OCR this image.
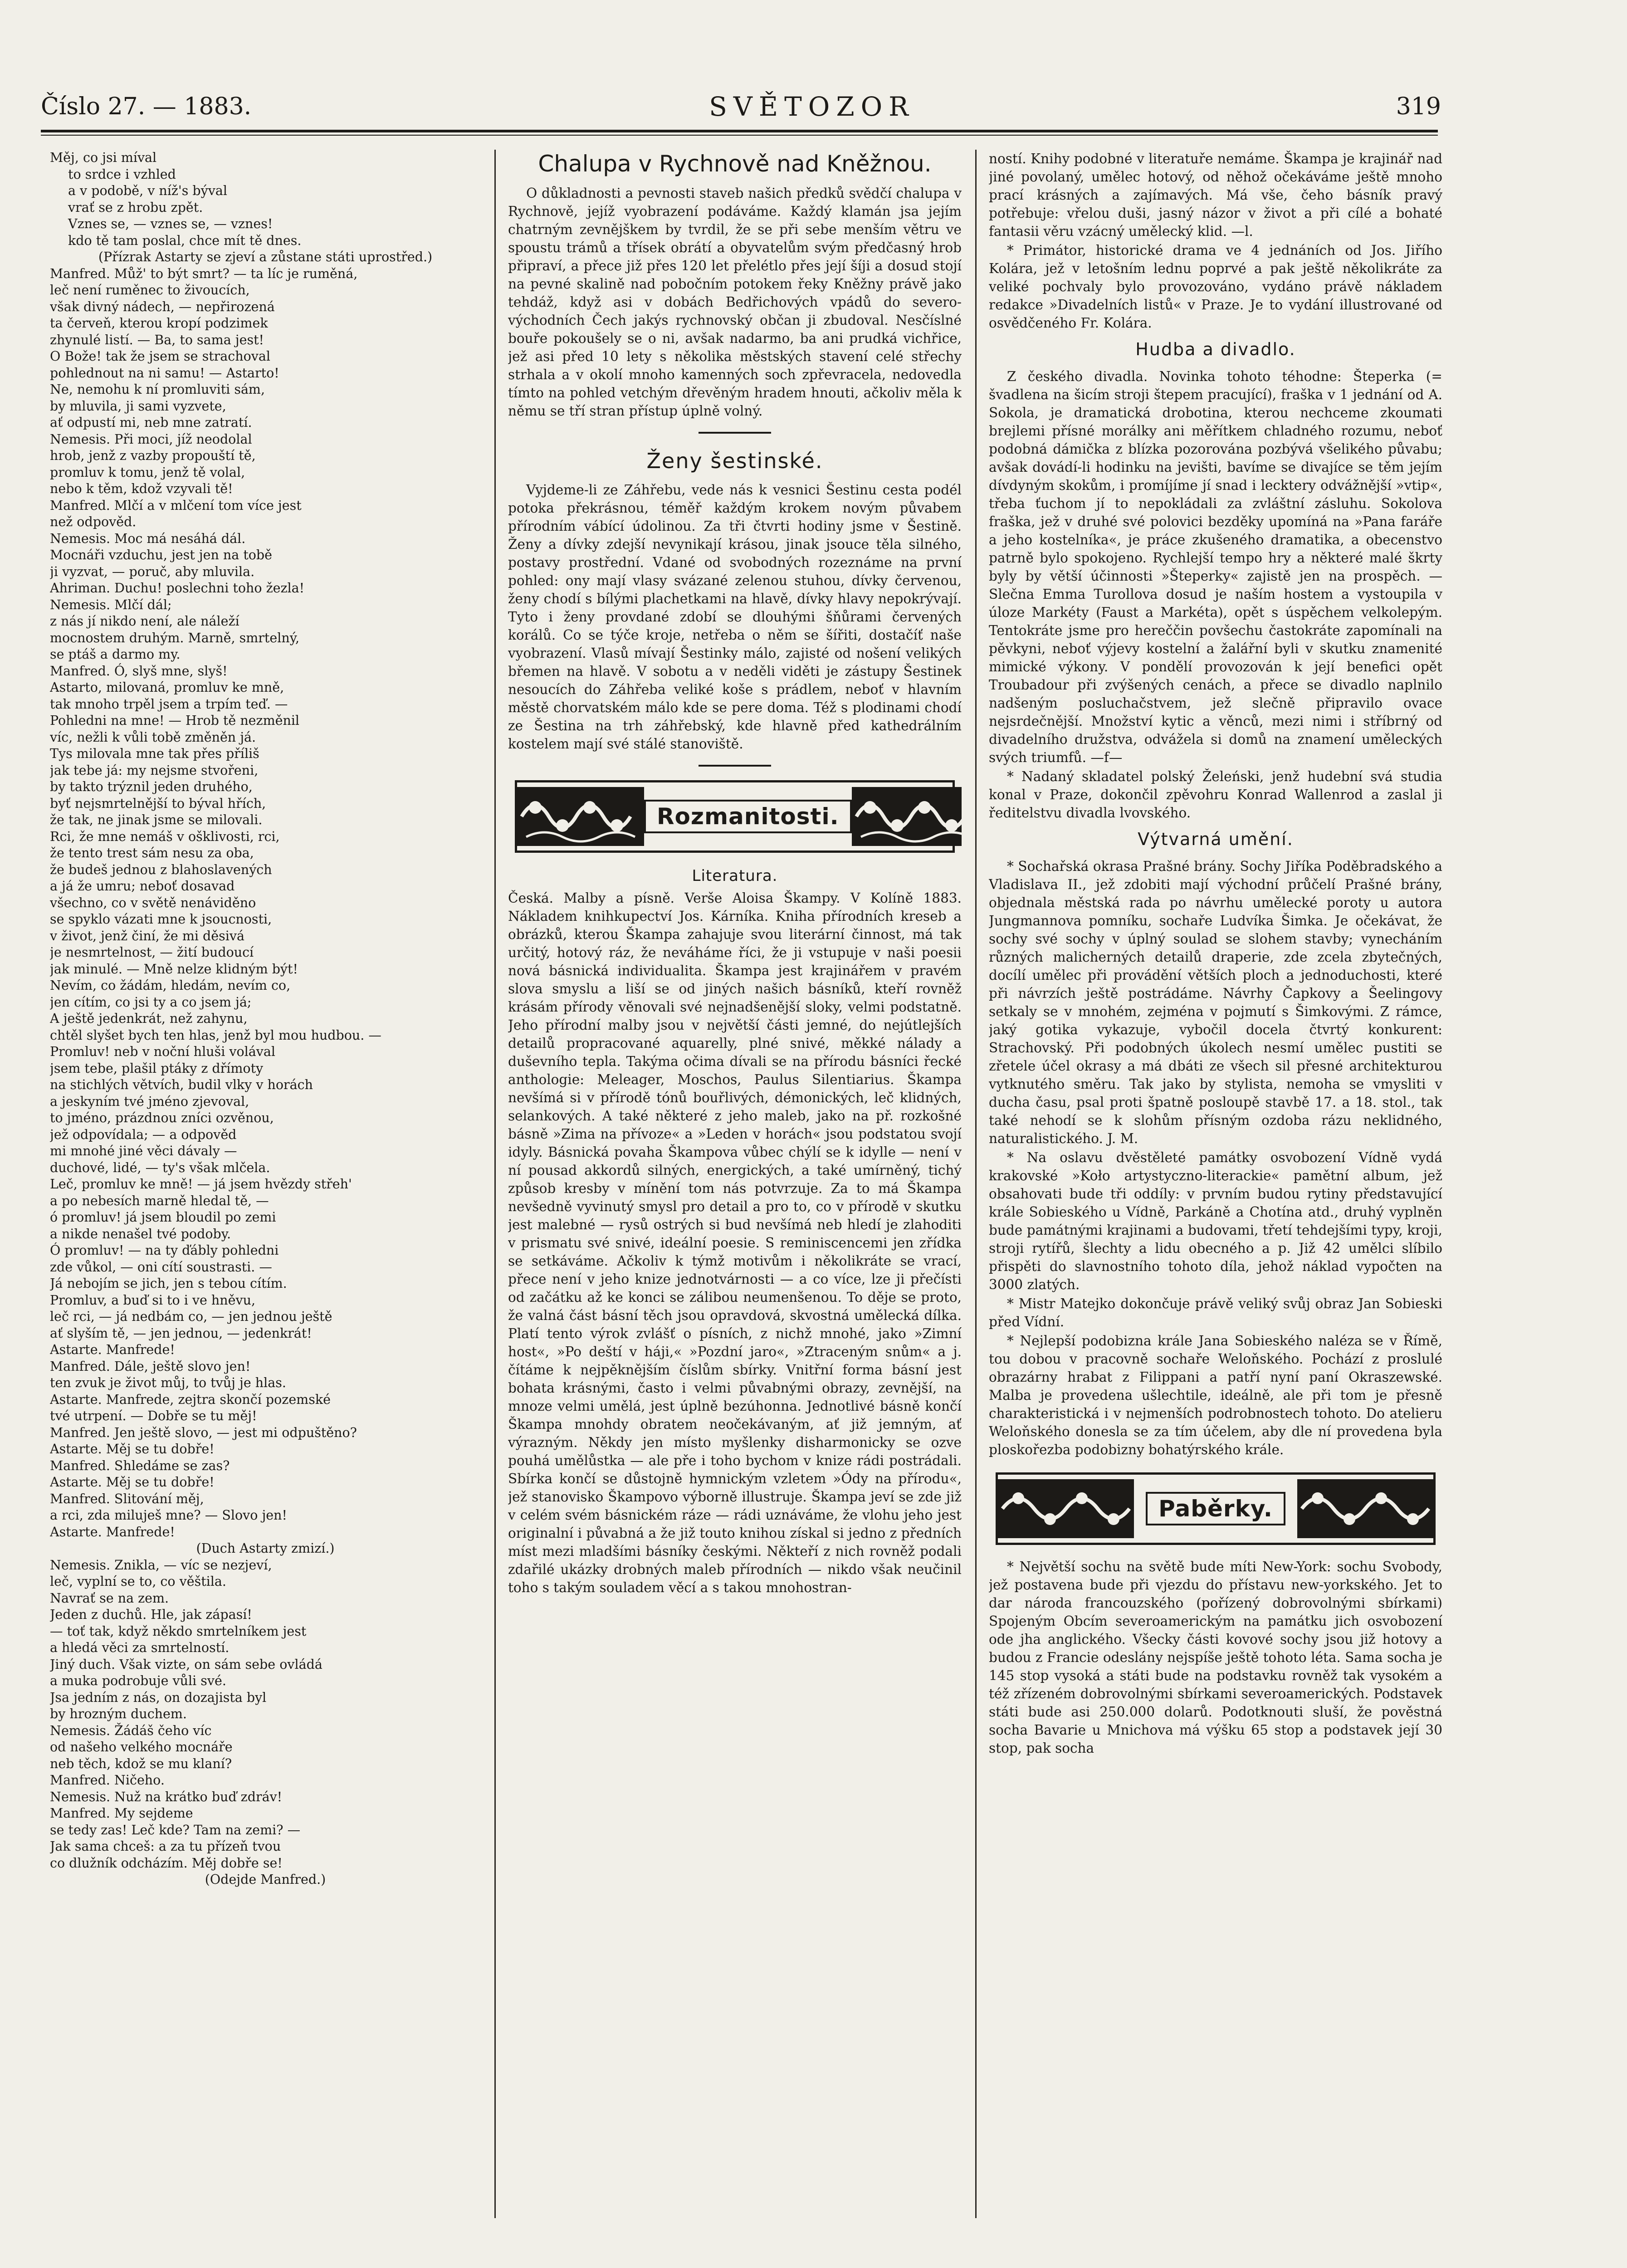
Číslo 27. — 1883.	SVĚTOZOR	319

Měj, co jsi míval

to srdce i vzhled

a v podobě, v níž's býval

vrať se z hrobu zpět.

Vznes se, — vznes se, — vznes!

kdo tě tam poslal, chce mít tě dnes.

(Přízrak Astarty se zjeví a zůstane státi uprostřed.)

Manfred. Můž' to být smrt? — ta líc je ruměná,

leč není ruměnec to živoucích,

však divný nádech, — nepřirozená

ta červeň, kterou kropí podzimek

zhynulé listí. — Ba, to sama jest!

O Bože! tak že jsem se strachoval

pohlednout na ni samu! — Astarto!

Ne, nemohu k ní promluviti sám,

by mluvila, ji sami vyzvete,

ať odpustí mi, neb mne zatratí.

Nemesis. Při moci, jíž neodolal

hrob, jenž z vazby propouští tě,

promluv k tomu, jenž tě volal,

nebo k těm, kdož vzyvali tě!

Manfred. Mlčí a v mlčení tom více jest

než odpověd.

Nemesis. Moc má nesáhá dál.

Mocnáři vzduchu, jest jen na tobě

ji vyzvat, — poruč, aby mluvila.

Ahriman. Duchu! poslechni toho žezla!

Nemesis. Mlčí dál;

z nás jí nikdo není, ale náleží

mocnostem druhým. Marně, smrtelný,

se ptáš a darmo my.

Manfred. Ó, slyš mne, slyš!

Astarto, milovaná, promluv ke mně,

tak mnoho trpěl jsem a trpím teď. —

Pohledni na mne! — Hrob tě nezměnil

víc, nežli k vůli tobě změněn já.

Tys milovala mne tak přes příliš

jak tebe já: my nejsme stvořeni,

by takto trýznil jeden druhého,

byť nejsmrtelnější to býval hřích,

že tak, ne jinak jsme se milovali.

Rci, že mne nemáš v ošklivosti, rci,

že tento trest sám nesu za oba,

že budeš jednou z blahoslavených

a já že umru; neboť dosavad

všechno, co v světě nenáviděno

se spyklo vázati mne k jsoucnosti,

v život, jenž činí, že mi děsivá

je nesmrtelnost, — žití budoucí

jak minulé. — Mně nelze klidným být!

Nevím, co žádám, hledám, nevím co,

jen cítím, co jsi ty a co jsem já;

A ještě jedenkrát, než zahynu,

chtěl slyšet bych ten hlas, jenž byl mou hudbou. —

Promluv! neb v noční hluši volával

jsem tebe, plašil ptáky z dřímoty

na stichlých větvích, budil vlky v horách

a jeskyním tvé jméno zjevoval,

to jméno, prázdnou zníci ozvěnou,

jež odpovídala; — a odpověd

mi mnohé jiné věci dávaly —

duchové, lidé, — ty's však mlčela.

Leč, promluv ke mně! — já jsem hvězdy střeh'

a po nebesích marně hledal tě, —

ó promluv! já jsem bloudil po zemi

a nikde nenašel tvé podoby.

Ó promluv! — na ty ďábly pohledni

zde vůkol, — oni cítí soustrasti. —

Já nebojím se jich, jen s tebou cítím.

Promluv, a buď si to i ve hněvu,

leč rci, — já nedbám co, — jen jednou ještě

ať slyším tě, — jen jednou, — jedenkrát!

Astarte. Manfrede!

Manfred. Dále, ještě slovo jen!

ten zvuk je život můj, to tvůj je hlas.

Astarte. Manfrede, zejtra skončí pozemské

tvé utrpení. — Dobře se tu měj!

Manfred. Jen ještě slovo, — jest mi odpuštěno?

Astarte. Měj se tu dobře!

Manfred. Shledáme se zas?

Astarte. Měj se tu dobře!

Manfred. Slitování měj,

a rci, zda miluješ mne? — Slovo jen!

Astarte. Manfrede!

(Duch Astarty zmizí.)

Nemesis. Znikla, — víc se nezjeví,

leč, vyplní se to, co věštila.

Navrať se na zem.

Jeden z duchů. Hle, jak zápasí!

— toť tak, když někdo smrtelníkem jest

a hledá věci za smrtelností.

Jiný duch. Však vizte, on sám sebe ovládá

a muka podrobuje vůli své.

Jsa jedním z nás, on dozajista byl

by hrozným duchem.

Nemesis. Žádáš čeho víc

od našeho velkého mocnáře

neb těch, kdož se mu klaní?

Manfred. Ničeho.

Nemesis. Nuž na krátko buď zdráv!

Manfred. My sejdeme

se tedy zas! Leč kde? Tam na zemi? —

Jak sama chceš: a za tu přízeň tvou

co dlužník odcházím. Měj dobře se!

(Odejde Manfred.)

Chalupa v Rychnově nad Kněžnou.

O důkladnosti a pevnosti staveb našich předků svědčí chalupa v Rychnově, jejíž vyobrazení podáváme. Každý klamán jsa jejím chatrným zevnějškem by tvrdil, že se při sebe menším větru ve spoustu trámů a třísek obrátí a obyvatelům svým předčasný hrob připraví, a přece již přes 120 let přelétlo přes její šíji a dosud stojí na pevné skalině nad pobočním potokem řeky Kněžny právě jako tehdáž, když asi v dobách Bedřichových vpádů do severo-východních Čech jakýs rychnovský občan ji zbudoval. Nesčíslné bouře pokoušely se o ni, avšak nadarmo, ba ani prudká vichřice, jež asi před 10 lety s několika městských stavení celé střechy strhala a v okolí mnoho kamenných soch zpřevracela, nedovedla tímto na pohled vetchým dřevěným hradem hnouti, ačkoliv měla k němu se tří stran přístup úplně volný.

Ženy šestinské.

Vyjdeme-li ze Záhřebu, vede nás k vesnici Šestinu cesta podél potoka překrásnou, téměř každým krokem novým půvabem přírodním vábící údolinou. Za tři čtvrti hodiny jsme v Šestině. Ženy a dívky zdejší nevynikají krásou, jinak jsouce těla silného, postavy prostřední. Vdané od svobodných rozeznáme na první pohled: ony mají vlasy svázané zelenou stuhou, dívky červenou, ženy chodí s bílými plachetkami na hlavě, dívky hlavy nepokrývají. Tyto i ženy provdané zdobí se dlouhými šňůrami červených korálů. Co se týče kroje, netřeba o něm se šířiti, dostačíť naše vyobrazení. Vlasů mívají Šestinky málo, zajisté od nošení velikých břemen na hlavě. V sobotu a v neděli viděti je zástupy Šestinek nesoucích do Záhřeba veliké koše s prádlem, neboť v hlavním městě chorvatském málo kde se pere doma. Též s plodinami chodí ze Šestina na trh záhřebský, kde hlavně před kathedrálním kostelem mají své stálé stanoviště.

Rozmanitosti.
Literatura.

Česká. Malby a písně. Verše Aloisa Škampy. V Kolíně 1883. Nákladem knihkupectví Jos. Kárníka. Kniha přírodních kreseb a obrázků, kterou Škampa zahajuje svou literární činnost, má tak určitý, hotový ráz, že neváháme říci, že ji vstupuje v naši poesii nová básnická individualita. Škampa jest krajinářem v pravém slova smyslu a liší se od jiných našich básníků, kteří rovněž krásám přírody věnovali své nejnadšenější sloky, velmi podstatně. Jeho přírodní malby jsou v největší části jemné, do nejútlejších detailů propracované aquarelly, plné snivé, měkké nálady a duševního tepla. Takýma očima dívali se na přírodu básníci řecké anthologie: Meleager, Moschos, Paulus Silentiarius. Škampa nevšímá si v přírodě tónů bouřlivých, démonických, leč klidných, selankových. A také některé z jeho maleb, jako na př. rozkošné básně »Zima na přívoze« a »Leden v horách« jsou podstatou svojí idyly. Básnická povaha Škampova vůbec chýlí se k idylle — není v ní pousad akkordů silných, energických, a také umírněný, tichý způsob kresby v mínění tom nás potvrzuje. Za to má Škampa nevšedně vyvinutý smysl pro detail a pro to, co v přírodě v skutku jest malebné — rysů ostrých si bud nevšímá neb hledí je zlahoditi v prismatu své snivé, ideální poesie. S reminiscencemi jen zřídka se setkáváme. Ačkoliv k týmž motivům i několikráte se vrací, přece není v jeho knize jednotvárnosti — a co více, lze ji přečísti od začátku až ke konci se zálibou neumenšenou. To děje se proto, že valná část básní těch jsou opravdová, skvostná umělecká dílka. Platí tento výrok zvlášť o písních, z nichž mnohé, jako »Zimní host«, »Po deští v háji,« »Pozdní jaro«, »Ztraceným snům« a j. čítáme k nejpěknějším číslům sbírky. Vnitřní forma básní jest bohata krásnými, často i velmi půvabnými obrazy, zevnější, na mnoze velmi umělá, jest úplně bezúhonna. Jednotlivé básně končí Škampa mnohdy obratem neočekávaným, ať již jemným, ať výrazným. Někdy jen místo myšlenky disharmonicky se ozve pouhá umělůstka — ale pře i toho bychom v knize rádi postrádali. Sbírka končí se důstojně hymnickým vzletem »Ódy na přírodu«, jež stanovisko Škampovo výborně illustruje. Škampa jeví se zde již v celém svém básnickém ráze — rádi uznáváme, že vlohu jeho jest originalní i půvabná a že již touto knihou získal si jedno z předních míst mezi mladšími básníky českými. Někteří z nich rovněž podali zdařilé ukázky drobných maleb přírodních — nikdo však neučinil toho s takým souladem věcí a s takou mnohostran-

ností. Knihy podobné v literatuře nemáme. Škampa je krajinář nad jiné povolaný, umělec hotový, od něhož očekáváme ještě mnoho prací krásných a zajímavých. Má vše, čeho básník pravý potřebuje: vřelou duši, jasný názor v život a při cílé a bohaté fantasii věru vzácný umělecký klid. —l.

* Primátor, historické drama ve 4 jednáních od Jos. Jiřího Kolára, jež v letošním lednu poprvé a pak ještě několikráte za veliké pochvaly bylo provozováno, vydáno právě nákladem redakce »Divadelních listů« v Praze. Je to vydání illustrované od osvědčeného Fr. Kolára.

Hudba a divadlo.

Z českého divadla. Novinka tohoto téhodne: Šteperka (= švadlena na šicím stroji štepem pracující), fraška v 1 jednání od A. Sokola, je dramatická drobotina, kterou nechceme zkoumati brejlemi přísné morálky ani měřítkem chladného rozumu, neboť podobná dámička z blízka pozorována pozbývá všelikého půvabu; avšak dovádí-li hodinku na jevišti, bavíme se divajíce se těm jejím dívdyným skokům, i promíjíme jí snad i lecktery odvážnější »vtip«, třeba ťuchom jí to nepokládali za zvláštní zásluhu. Sokolova fraška, jež v druhé své polovici bezděky upomíná na »Pana faráře a jeho kostelníka«, je práce zkušeného dramatika, a obecenstvo patrně bylo spokojeno. Rychlejší tempo hry a některé malé škrty byly by větší účinnosti »Šteperky« zajistě jen na prospěch. — Slečna Emma Turollova dosud je naším hostem a vystoupila v úloze Markéty (Faust a Markéta), opět s úspěchem velkolepým. Tentokráte jsme pro hereččin povšechu častokráte zapomínali na pěvkyni, neboť výjevy kostelní a žalářní byli v skutku znamenité mimické výkony. V pondělí provozován k její benefici opět Troubadour při zvýšených cenách, a přece se divadlo naplnilo nadšeným posluchačstvem, jež slečně připravilo ovace nejsrdečnější. Množství kytic a věnců, mezi nimi i stříbrný od divadelního družstva, odvážela si domů na znamení uměleckých svých triumfů. —f—

* Nadaný skladatel polský Želeński, jenž hudební svá studia konal v Praze, dokončil zpěvohru Konrad Wallenrod a zaslal ji ředitelstvu divadla lvovského.

Výtvarná umění.

* Sochařská okrasa Prašné brány. Sochy Jiříka Poděbradského a Vladislava II., jež zdobiti mají východní průčelí Prašné brány, objednala městská rada po návrhu umělecké poroty u autora Jungmannova pomníku, sochaře Ludvíka Šimka. Je očekávat, že sochy své sochy v úplný soulad se slohem stavby; vynecháním různých malicherných detailů draperie, zde zcela zbytečných, docílí umělec při provádění větších ploch a jednoduchosti, které při návrzích ještě postrádáme. Návrhy Čapkovy a Šeelingovy setkaly se v mnohém, zejména v pojmutí s Šimkovými. Z rámce, jaký gotika vykazuje, vybočil docela čtvrtý konkurent: Strachovský. Při podobných úkolech nesmí umělec pustiti se zřetele účel okrasy a má dbáti ze všech sil přesné architekturou vytknutého směru. Tak jako by stylista, nemoha se vmysliti v ducha času, psal proti špatně posloupě stavbě 17. a 18. stol., tak také nehodí se k slohům přísným ozdoba rázu neklidného, naturalistického. J. M.

* Na oslavu dvěstěleté památky osvobození Vídně vydá krakovské »Koło artystyczno-literackie« pamětní album, jež obsahovati bude tři oddíly: v prvním budou rytiny představující krále Sobieského u Vídně, Parkáně a Chotína atd., druhý vyplněn bude památnými krajinami a budovami, třetí tehdejšími typy, kroji, stroji rytířů, šlechty a lidu obecného a p. Již 42 umělci slíbilo přispěti do slavnostního tohoto díla, jehož náklad vypočten na 3000 zlatých.

* Mistr Matejko dokončuje právě veliký svůj obraz Jan Sobieski před Vídní.

* Nejlepší podobizna krále Jana Sobieského naléza se v Římě, tou dobou v pracovně sochaře Weloňského. Pochází z proslulé obrazárny hrabat z Filippani a patří nyní paní Okraszewské. Malba je provedena ušlechtile, ideálně, ale při tom je přesně charakteristická i v nejmenších podrobnostech tohoto. Do atelieru Weloňského donesla se za tím účelem, aby dle ní provedena byla ploskořezba podobizny bohatýrského krále.

Paběrky.

* Největší sochu na světě bude míti New-York: sochu Svobody, jež postavena bude při vjezdu do přístavu new-yorkského. Jet to dar národa francouzského (pořízený dobrovolnými sbírkami) Spojeným Obcím severoamerickým na památku jich osvobození ode jha anglického. Všecky části kovové sochy jsou již hotovy a budou z Francie odeslány nejspíše ještě tohoto léta. Sama socha je 145 stop vysoká a státi bude na podstavku rovněž tak vysokém a též zřízeném dobrovolnými sbírkami severoamerických. Podstavek státi bude asi 250.000 dolarů. Podotknouti sluší, že pověstná socha Bavarie u Mnichova má výšku 65 stop a podstavek její 30 stop, pak socha
